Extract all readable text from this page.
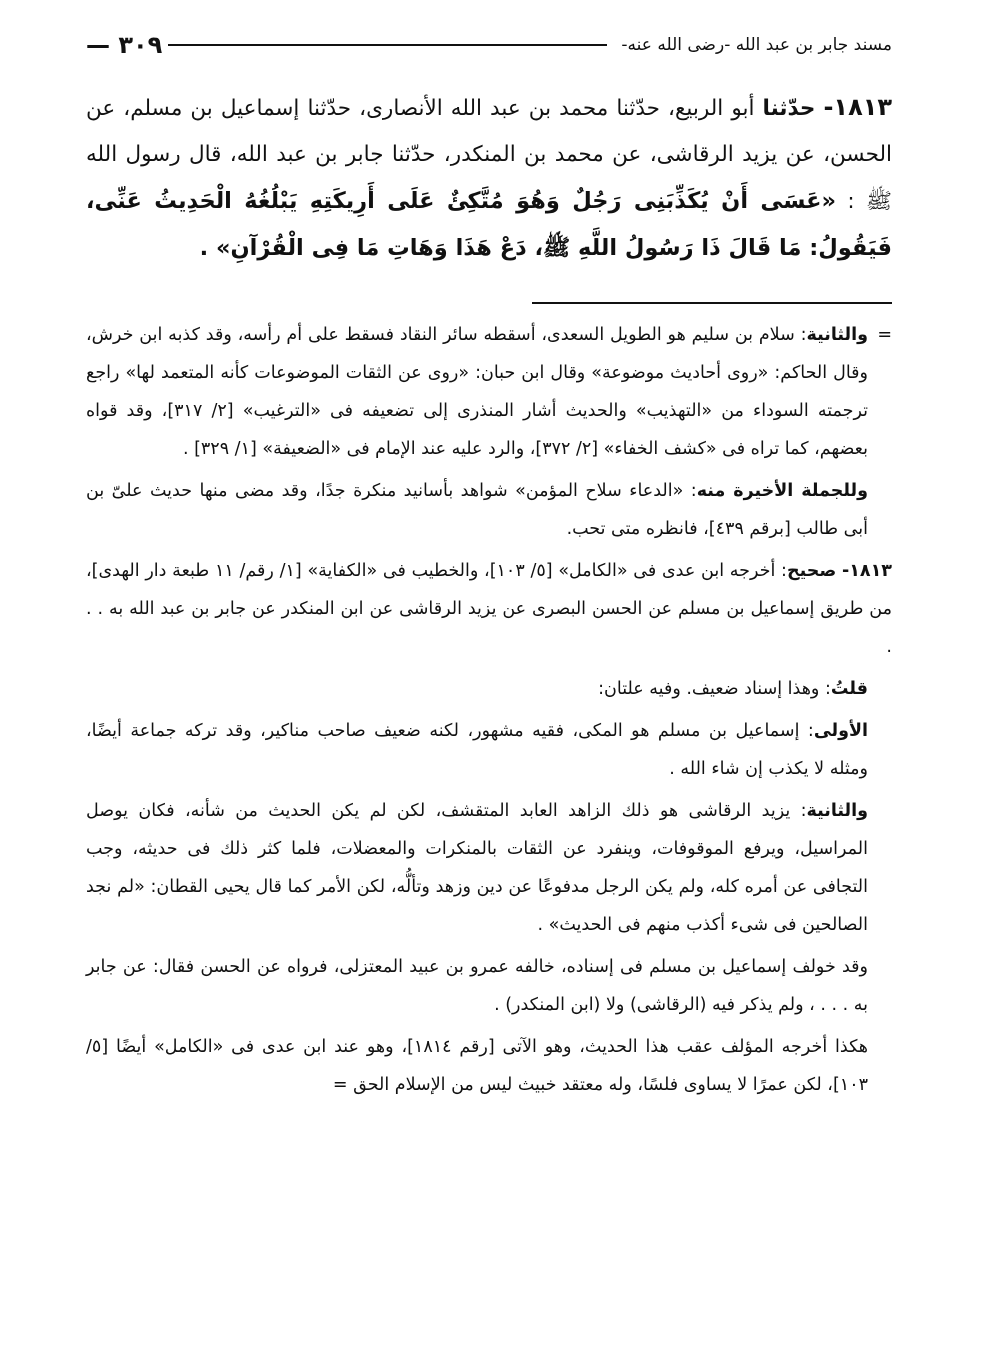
مسند جابر بن عبد الله -رضى الله عنه-
٣٠٩ —
١٨١٣- حدّثنا أبو الربيع، حدّثنا محمد بن عبد الله الأنصارى، حدّثنا إسماعيل بن مسلم، عن الحسن، عن يزيد الرقاشى، عن محمد بن المنكدر، حدّثنا جابر بن عبد الله، قال رسول الله ﷺ : «عَسَى أَنْ يُكَذِّبَنِى رَجُلٌ وَهُوَ مُتَّكِئٌ عَلَى أَرِيكَتِهِ يَبْلُغُهُ الْحَدِيثُ عَنِّى، فَيَقُولُ: مَا قَالَ ذَا رَسُولُ اللَّهِ ﷺ، دَعْ هَذَا وَهَاتِ مَا فِى الْقُرْآنِ» .

=
والثانية: سلام بن سليم هو الطويل السعدى، أسقطه سائر النقاد فسقط على أم رأسه، وقد كذبه ابن خرش، وقال الحاكم: «روى أحاديث موضوعة» وقال ابن حبان: «روى عن الثقات الموضوعات كأنه المتعمد لها» راجع ترجمته السوداء من «التهذيب» والحديث أشار المنذرى إلى تضعيفه فى «الترغيب» [٢/ ٣١٧]، وقد قواه بعضهم، كما تراه فى «كشف الخفاء» [٢/ ٣٧٢]، والرد عليه عند الإمام فى «الضعيفة» [١/ ٣٢٩] .

وللجملة الأخيرة منه: «الدعاء سلاح المؤمن» شواهد بأسانيد منكرة جدًا، وقد مضى منها حديث علىّ بن أبى طالب [برقم ٤٣٩]، فانظره متى تحب.

١٨١٣- صحيح: أخرجه ابن عدى فى «الكامل» [٥/ ١٠٣]، والخطيب فى «الكفاية» [١/ رقم/ ١١ طبعة دار الهدى]، من طريق إسماعيل بن مسلم عن الحسن البصرى عن يزيد الرقاشى عن ابن المنكدر عن جابر بن عبد الله به . . .

قلتُ: وهذا إسناد ضعيف. وفيه علتان:

الأولى: إسماعيل بن مسلم هو المكى، فقيه مشهور، لكنه ضعيف صاحب مناكير، وقد تركه جماعة أيضًا، ومثله لا يكذب إن شاء الله .

والثانية: يزيد الرقاشى هو ذلك الزاهد العابد المتقشف، لكن لم يكن الحديث من شأنه، فكان يوصل المراسيل، ويرفع الموقوفات، وينفرد عن الثقات بالمنكرات والمعضلات، فلما كثر ذلك فى حديثه، وجب التجافى عن أمره كله، ولم يكن الرجل مدفوعًا عن دين وزهد وتألُّه، لكن الأمر كما قال يحيى القطان: «لم نجد الصالحين فى شىء أكذب منهم فى الحديث» .

وقد خولف إسماعيل بن مسلم فى إسناده، خالفه عمرو بن عبيد المعتزلى، فرواه عن الحسن فقال: عن جابر به . . . ، ولم يذكر فيه (الرقاشى) ولا (ابن المنكدر) .

هكذا أخرجه المؤلف عقب هذا الحديث، وهو الآتى [رقم ١٨١٤]، وهو عند ابن عدى فى «الكامل» أيضًا [٥/ ١٠٣]، لكن عمرًا لا يساوى فلسًا، وله معتقد خبيث ليس من الإسلام الحق =
